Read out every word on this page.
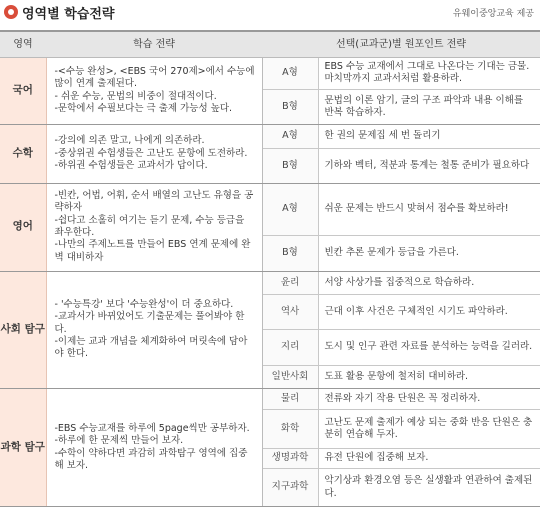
영역별 학습전략	유웨이중앙교육 제공
영역	학습 전략	선택(교과군)별 원포인트 전략	
국어	-<수능 완성>, <EBS 국어 270제>에서 수능에 많이 연계 출제된다.
- 쉬운 수능, 문법의 비중이 절대적이다.
-문학에서 수필보다는 극 출제 가능성 높다.	A형	EBS 수능 교재에서 그대로 나온다는 기대는 금물. 마치막까지 교과서처럼 활용하라.
		B형	문법의 이론 암기, 글의 구조 파악과 내용 이해를 반복 학습하자.
수학	-강의에 의존 말고, 나에게 의존하라.
-중상위권 수험생들은 고난도 문항에 도전하라.
-하위권 수험생들은 교과서가 답이다.	A형	한 권의 문제집 세 번 돌리기
		B형	기하와 벡터, 적분과 통계는 철통 준비가 필요하다
영어	-빈칸, 어법, 어휘, 순서 배열의 고난도 유형을 공략하자
-쉽다고 소홀히 여기는 듣기 문제, 수능 등급을 좌우한다.
-나만의 주제노트를 만들어 EBS 연계 문제에 완벽 대비하자	A형	쉬운 문제는 반드시 맞혀서 점수를 확보하라!
		B형	빈칸 추론 문제가 등급을 가른다.
사회 탐구	- '수능특강' 보다 '수능완성'이 더 중요하다.
-교과서가 바뀌었어도 기출문제는 풀어봐야 한다.
-이제는 교과 개념을 체계화하여 머릿속에 담아야 한다.	윤리	서양 사상가를 집중적으로 학습하라.
		역사	근대 이후 사건은 구체적인 시기도 파악하라.
		지리	도시 및 인구 관련 자료를 분석하는 능력을 길러라.
		일반사회	도표 활용 문항에 철저히 대비하라.
과학 탐구	-EBS 수능교재를 하루에 5page씩만 공부하자.
-하루에 한 문제씩 만들어 보자.
-수학이 약하다면 과감히 과학탐구 영역에 집중해 보자.	물리	전류와 자기 작용 단원은 꼭 정리하자.
		화학	고난도 문제 출제가 예상 되는 중화 반응 단원은 충분히 연습해 두자.
		생명과학	유전 단원에 집중해 보자.
		지구과학	악기상과 환경오염 등은 실생활과 연관하여 출제된다.
